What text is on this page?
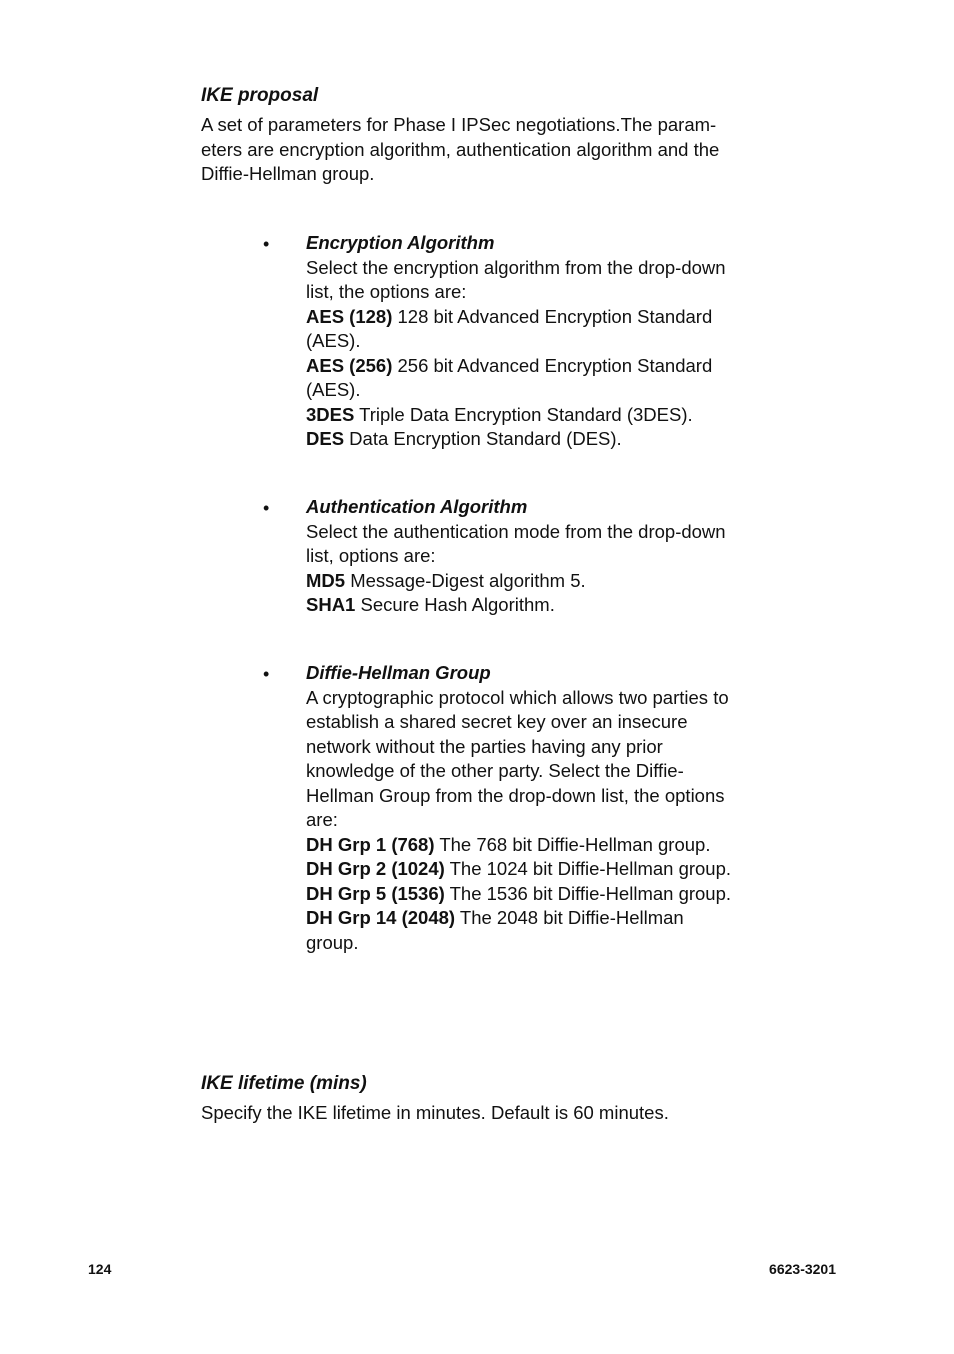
IKE proposal

A set of parameters for Phase I IPSec negotiations.The param-eters are encryption algorithm, authentication algorithm and the Diffie-Hellman group.

• Encryption Algorithm
Select the encryption algorithm from the drop-down list, the options are:
AES (128) 128 bit Advanced Encryption Standard (AES).
AES (256) 256 bit Advanced Encryption Standard (AES).
3DES Triple Data Encryption Standard (3DES).
DES Data Encryption Standard (DES).
• Authentication Algorithm
Select the authentication mode from the drop-down list, options are:
MD5 Message-Digest algorithm 5.
SHA1 Secure Hash Algorithm.
• Diffie-Hellman Group
A cryptographic protocol which allows two parties to establish a shared secret key over an insecure network without the parties having any prior knowledge of the other party. Select the Diffie-Hellman Group from the drop-down list, the options are:
DH Grp 1 (768) The 768 bit Diffie-Hellman group.
DH Grp 2 (1024) The 1024 bit Diffie-Hellman group.
DH Grp 5 (1536) The 1536 bit Diffie-Hellman group.
DH Grp 14 (2048) The 2048 bit Diffie-Hellman group.
IKE lifetime (mins)

Specify the IKE lifetime in minutes. Default is 60 minutes.

124	6623-3201
